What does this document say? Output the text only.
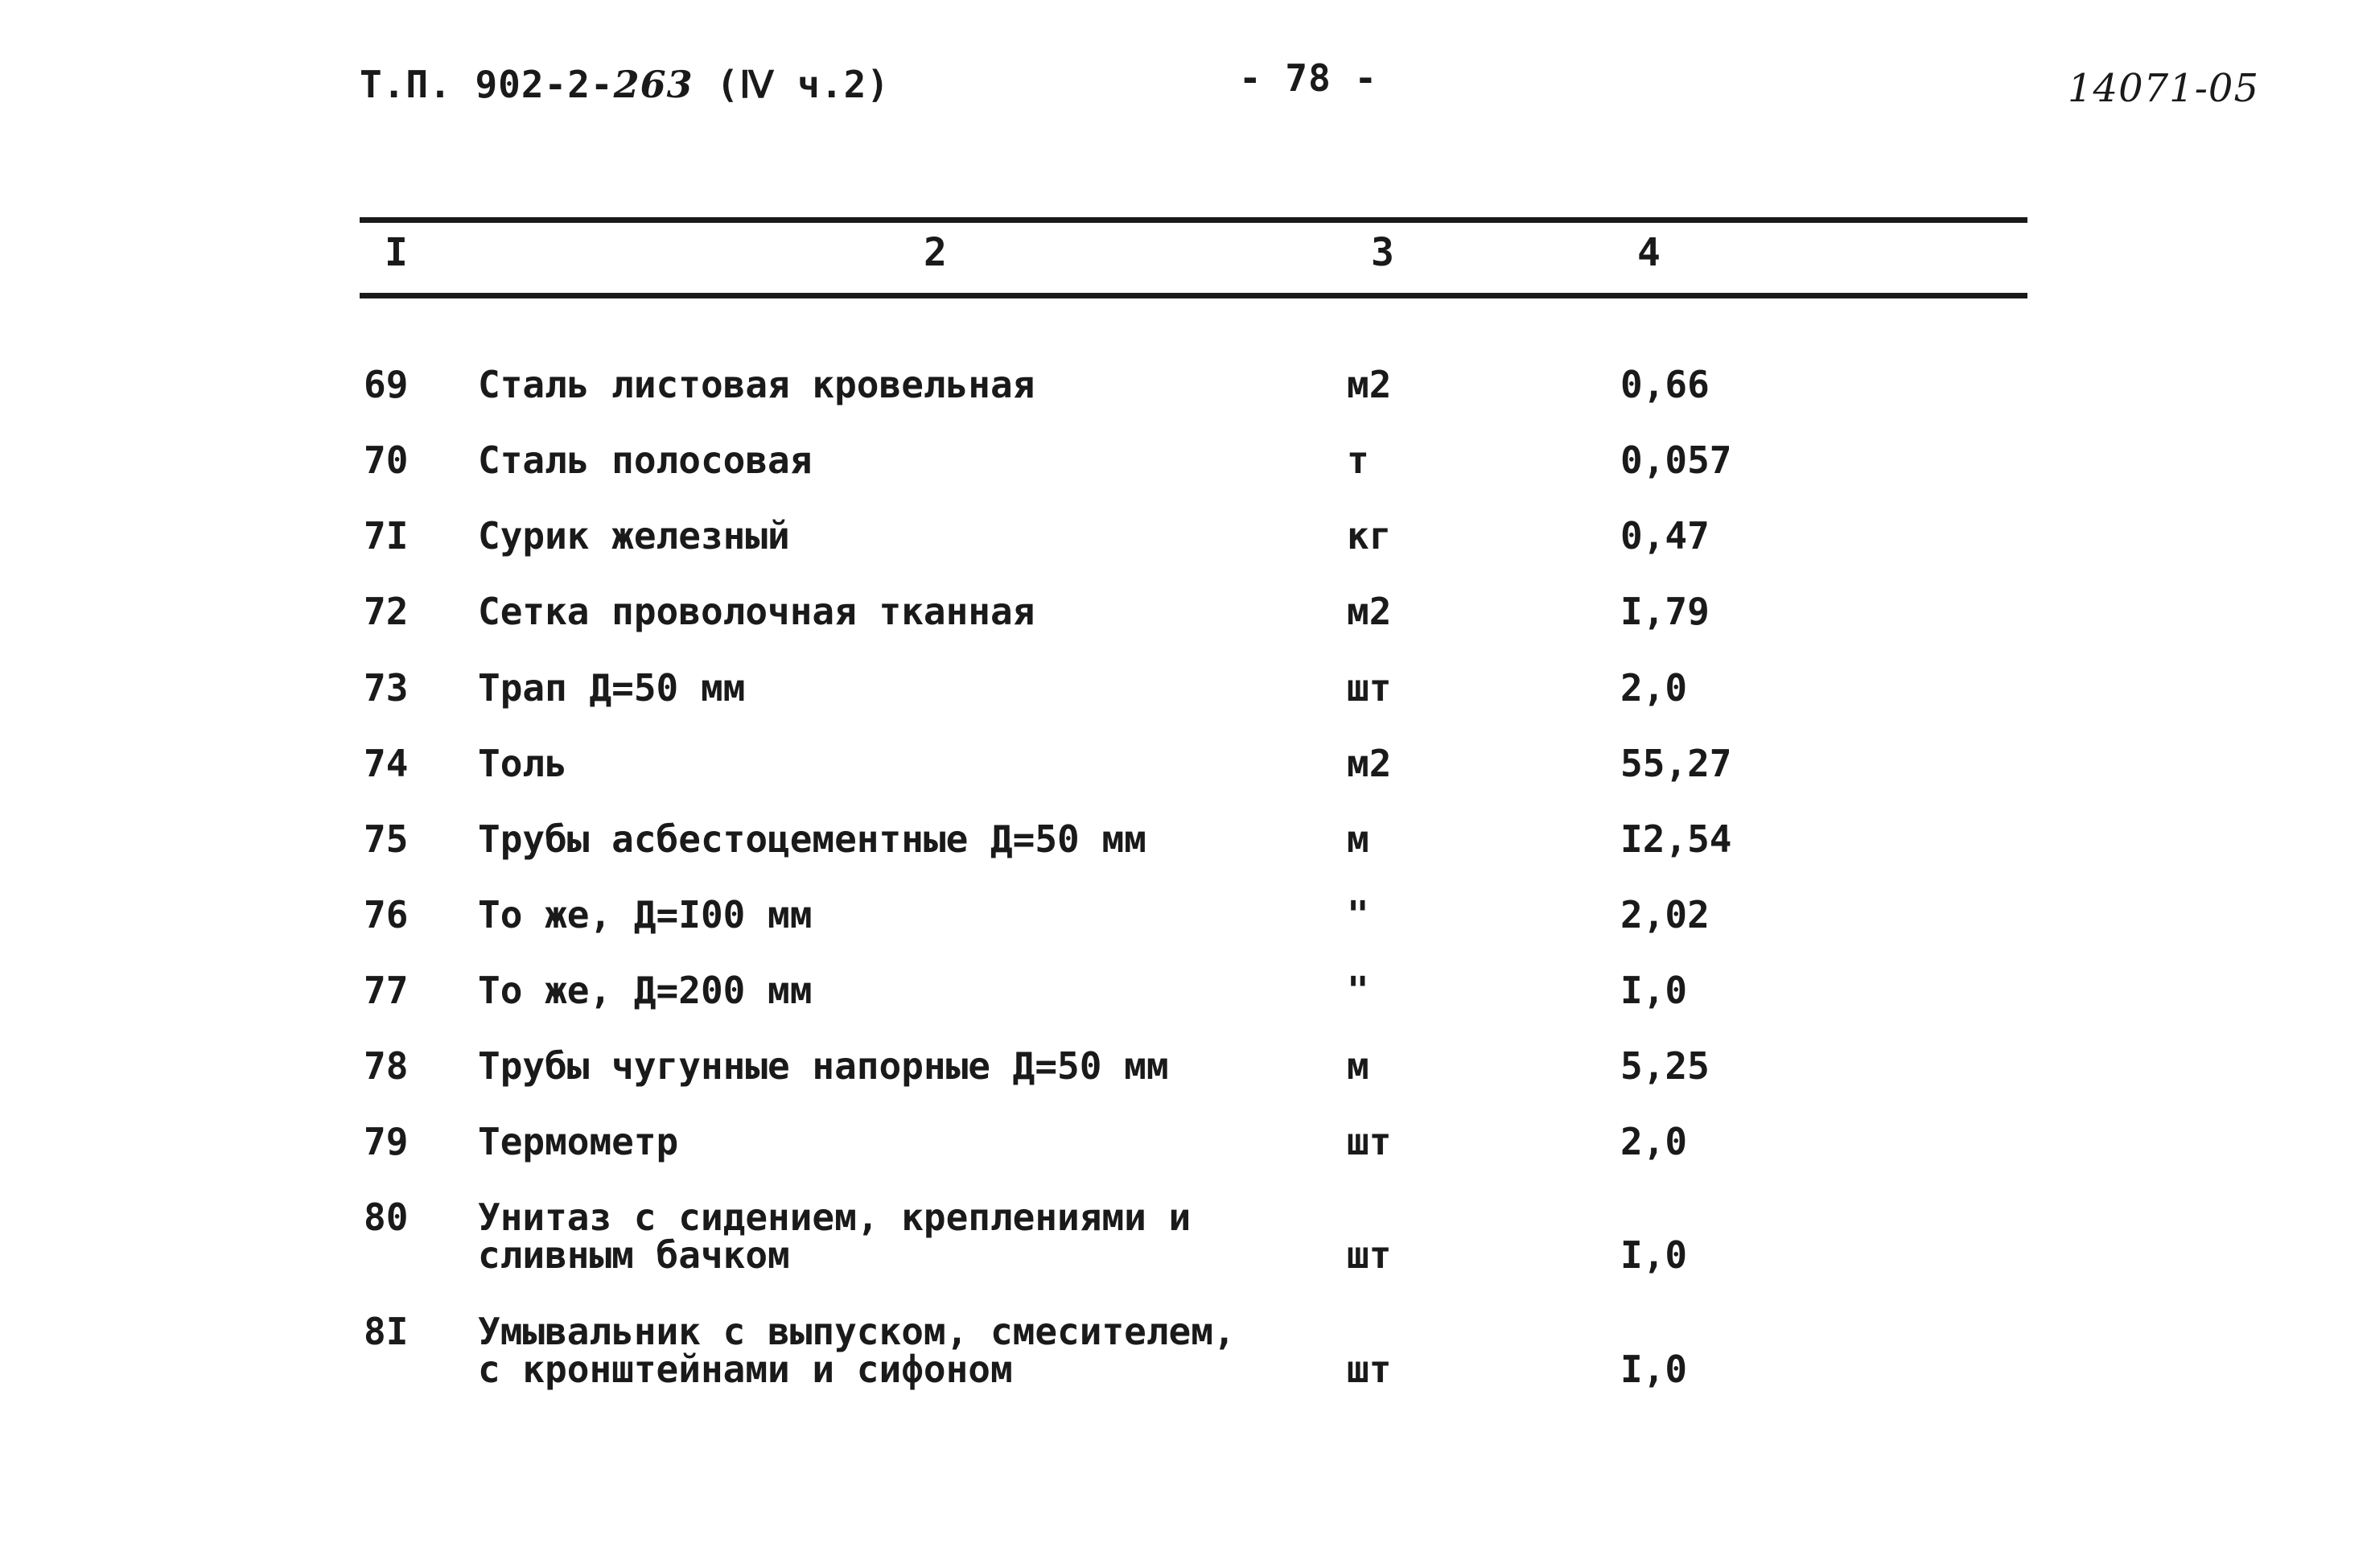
Т.П. 902-2-263 (Ⅳ ч.2)	- 78 -	14071-05
I	2	3	4
69 Сталь листовая кровельная	м2	0,66
70 Сталь полосовая	т	0,057
7I Сурик железный	кг	0,47
72 Сетка проволочная тканная	м2	I,79
73 Трап Д=50 мм	шт	2,0
74 Толь	м2	55,27
75 Трубы асбестоцементные Д=50 мм	м	I2,54
76 То же, Д=I00 мм	"	2,02
77 То же, Д=200 мм	"	I,0
78 Трубы чугунные напорные Д=50 мм	м	5,25
79 Термометр	шт	2,0
80 Унитаз с сидением, креплениями и
сливным бачком	шт	I,0
8I Умывальник с выпуском, смесителем,
с кронштейнами и сифоном	шт	I,0
